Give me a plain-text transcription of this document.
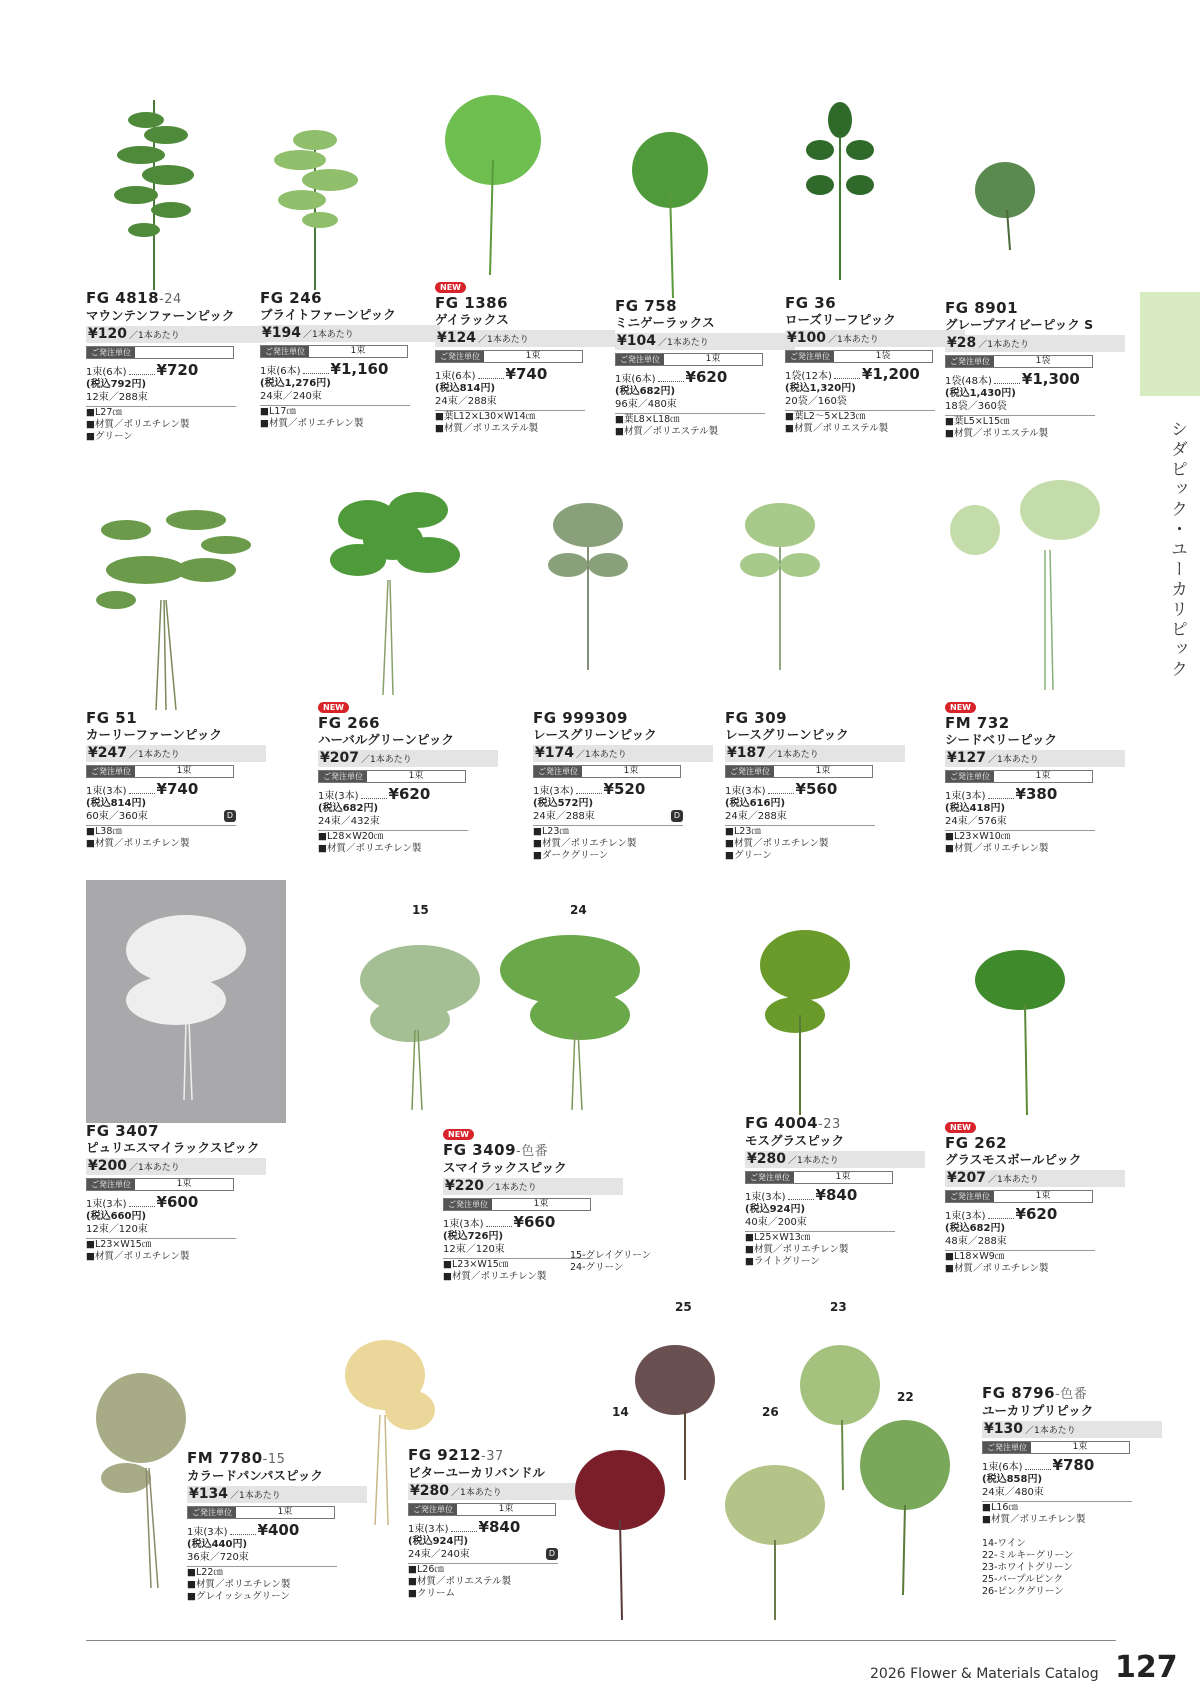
シダピック・ユーカリピック
FG 4818-24
マウンテンファーンピック
¥120 ／1本あたり
ご発注単位
1束(6本) ¥720
(税込792円)
12束／288束
■L27㎝
■材質／ポリエチレン製
■グリーン
FG 246
ブライトファーンピック
¥194 ／1本あたり
ご発注単位	1束
1束(6本) ¥1,160
(税込1,276円)
24束／240束
■L17㎝
■材質／ポリエチレン製
NEW
FG 1386
ゲイラックス
¥124 ／1本あたり
ご発注単位	1束
1束(6本) ¥740
(税込814円)
24束／288束
■葉L12×L30×W14㎝
■材質／ポリエステル製
FG 758
ミニゲーラックス
¥104 ／1本あたり
ご発注単位	1束
1束(6本) ¥620
(税込682円)
96束／480束
■葉L8×L18㎝
■材質／ポリエステル製
FG 36
ローズリーフピック
¥100 ／1本あたり
ご発注単位	1袋
1袋(12本) ¥1,200
(税込1,320円)
20袋／160袋
■葉L2～5×L23㎝
■材質／ポリエステル製
FG 8901
グレープアイビーピック S
¥28 ／1本あたり
ご発注単位	1袋
1袋(48本) ¥1,300
(税込1,430円)
18袋／360袋
■葉L5×L15㎝
■材質／ポリエステル製
FG 51
カーリーファーンピック
¥247 ／1本あたり
ご発注単位	1束
1束(3本) ¥740
(税込814円)
60束／360束	D
■L38㎝
■材質／ポリエチレン製
NEW
FG 266
ハーバルグリーンピック
¥207 ／1本あたり
ご発注単位	1束
1束(3本) ¥620
(税込682円)
24束／432束
■L28×W20㎝
■材質／ポリエチレン製
FG 999309
レースグリーンピック
¥174 ／1本あたり
ご発注単位	1束
1束(3本) ¥520
(税込572円)
24束／288束	D
■L23㎝
■材質／ポリエチレン製
■ダークグリーン
FG 309
レースグリーンピック
¥187 ／1本あたり
ご発注単位	1束
1束(3本) ¥560
(税込616円)
24束／288束
■L23㎝
■材質／ポリエチレン製
■グリーン
NEW
FM 732
シードベリーピック
¥127 ／1本あたり
ご発注単位	1束
1束(3本) ¥380
(税込418円)
24束／576束
■L23×W10㎝
■材質／ポリエチレン製
FG 3407
ピュリエスマイラックスピック
¥200 ／1本あたり
ご発注単位	1束
1束(3本) ¥600
(税込660円)
12束／120束
■L23×W15㎝
■材質／ポリエチレン製
15	24
NEW
FG 3409-色番
スマイラックスピック
¥220 ／1本あたり
ご発注単位	1束
1束(3本) ¥660
(税込726円)
12束／120束
■L23×W15㎝
■材質／ポリエチレン製
15-グレイグリーン
24-グリーン
FG 4004-23
モスグラスピック
¥280 ／1本あたり
ご発注単位	1束
1束(3本) ¥840
(税込924円)
40束／200束
■L25×W13㎝
■材質／ポリエチレン製
■ライトグリーン
NEW
FG 262
グラスモスボールピック
¥207 ／1本あたり
ご発注単位	1束
1束(3本) ¥620
(税込682円)
48束／288束
■L18×W9㎝
■材質／ポリエチレン製
FM 7780-15
カラードパンパスピック
¥134 ／1本あたり
ご発注単位	1束
1束(3本) ¥400
(税込440円)
36束／720束
■L22㎝
■材質／ポリエチレン製
■グレイッシュグリーン
FG 9212-37
ビターユーカリバンドル
¥280 ／1本あたり
ご発注単位	1束
1束(3本) ¥840
(税込924円)
24束／240束	D
■L26㎝
■材質／ポリエステル製
■クリーム
25	23
14	26
22	FG 8796-色番
ユーカリプリピック
¥130 ／1本あたり
ご発注単位	1束
1束(6本) ¥780
(税込858円)
24束／480束
■L16㎝
■材質／ポリエチレン製
14-ワイン
22-ミルキーグリーン
23-ホワイトグリーン
25-パープルピンク
26-ピンクグリーン
2026 Flower & Materials Catalog 127
